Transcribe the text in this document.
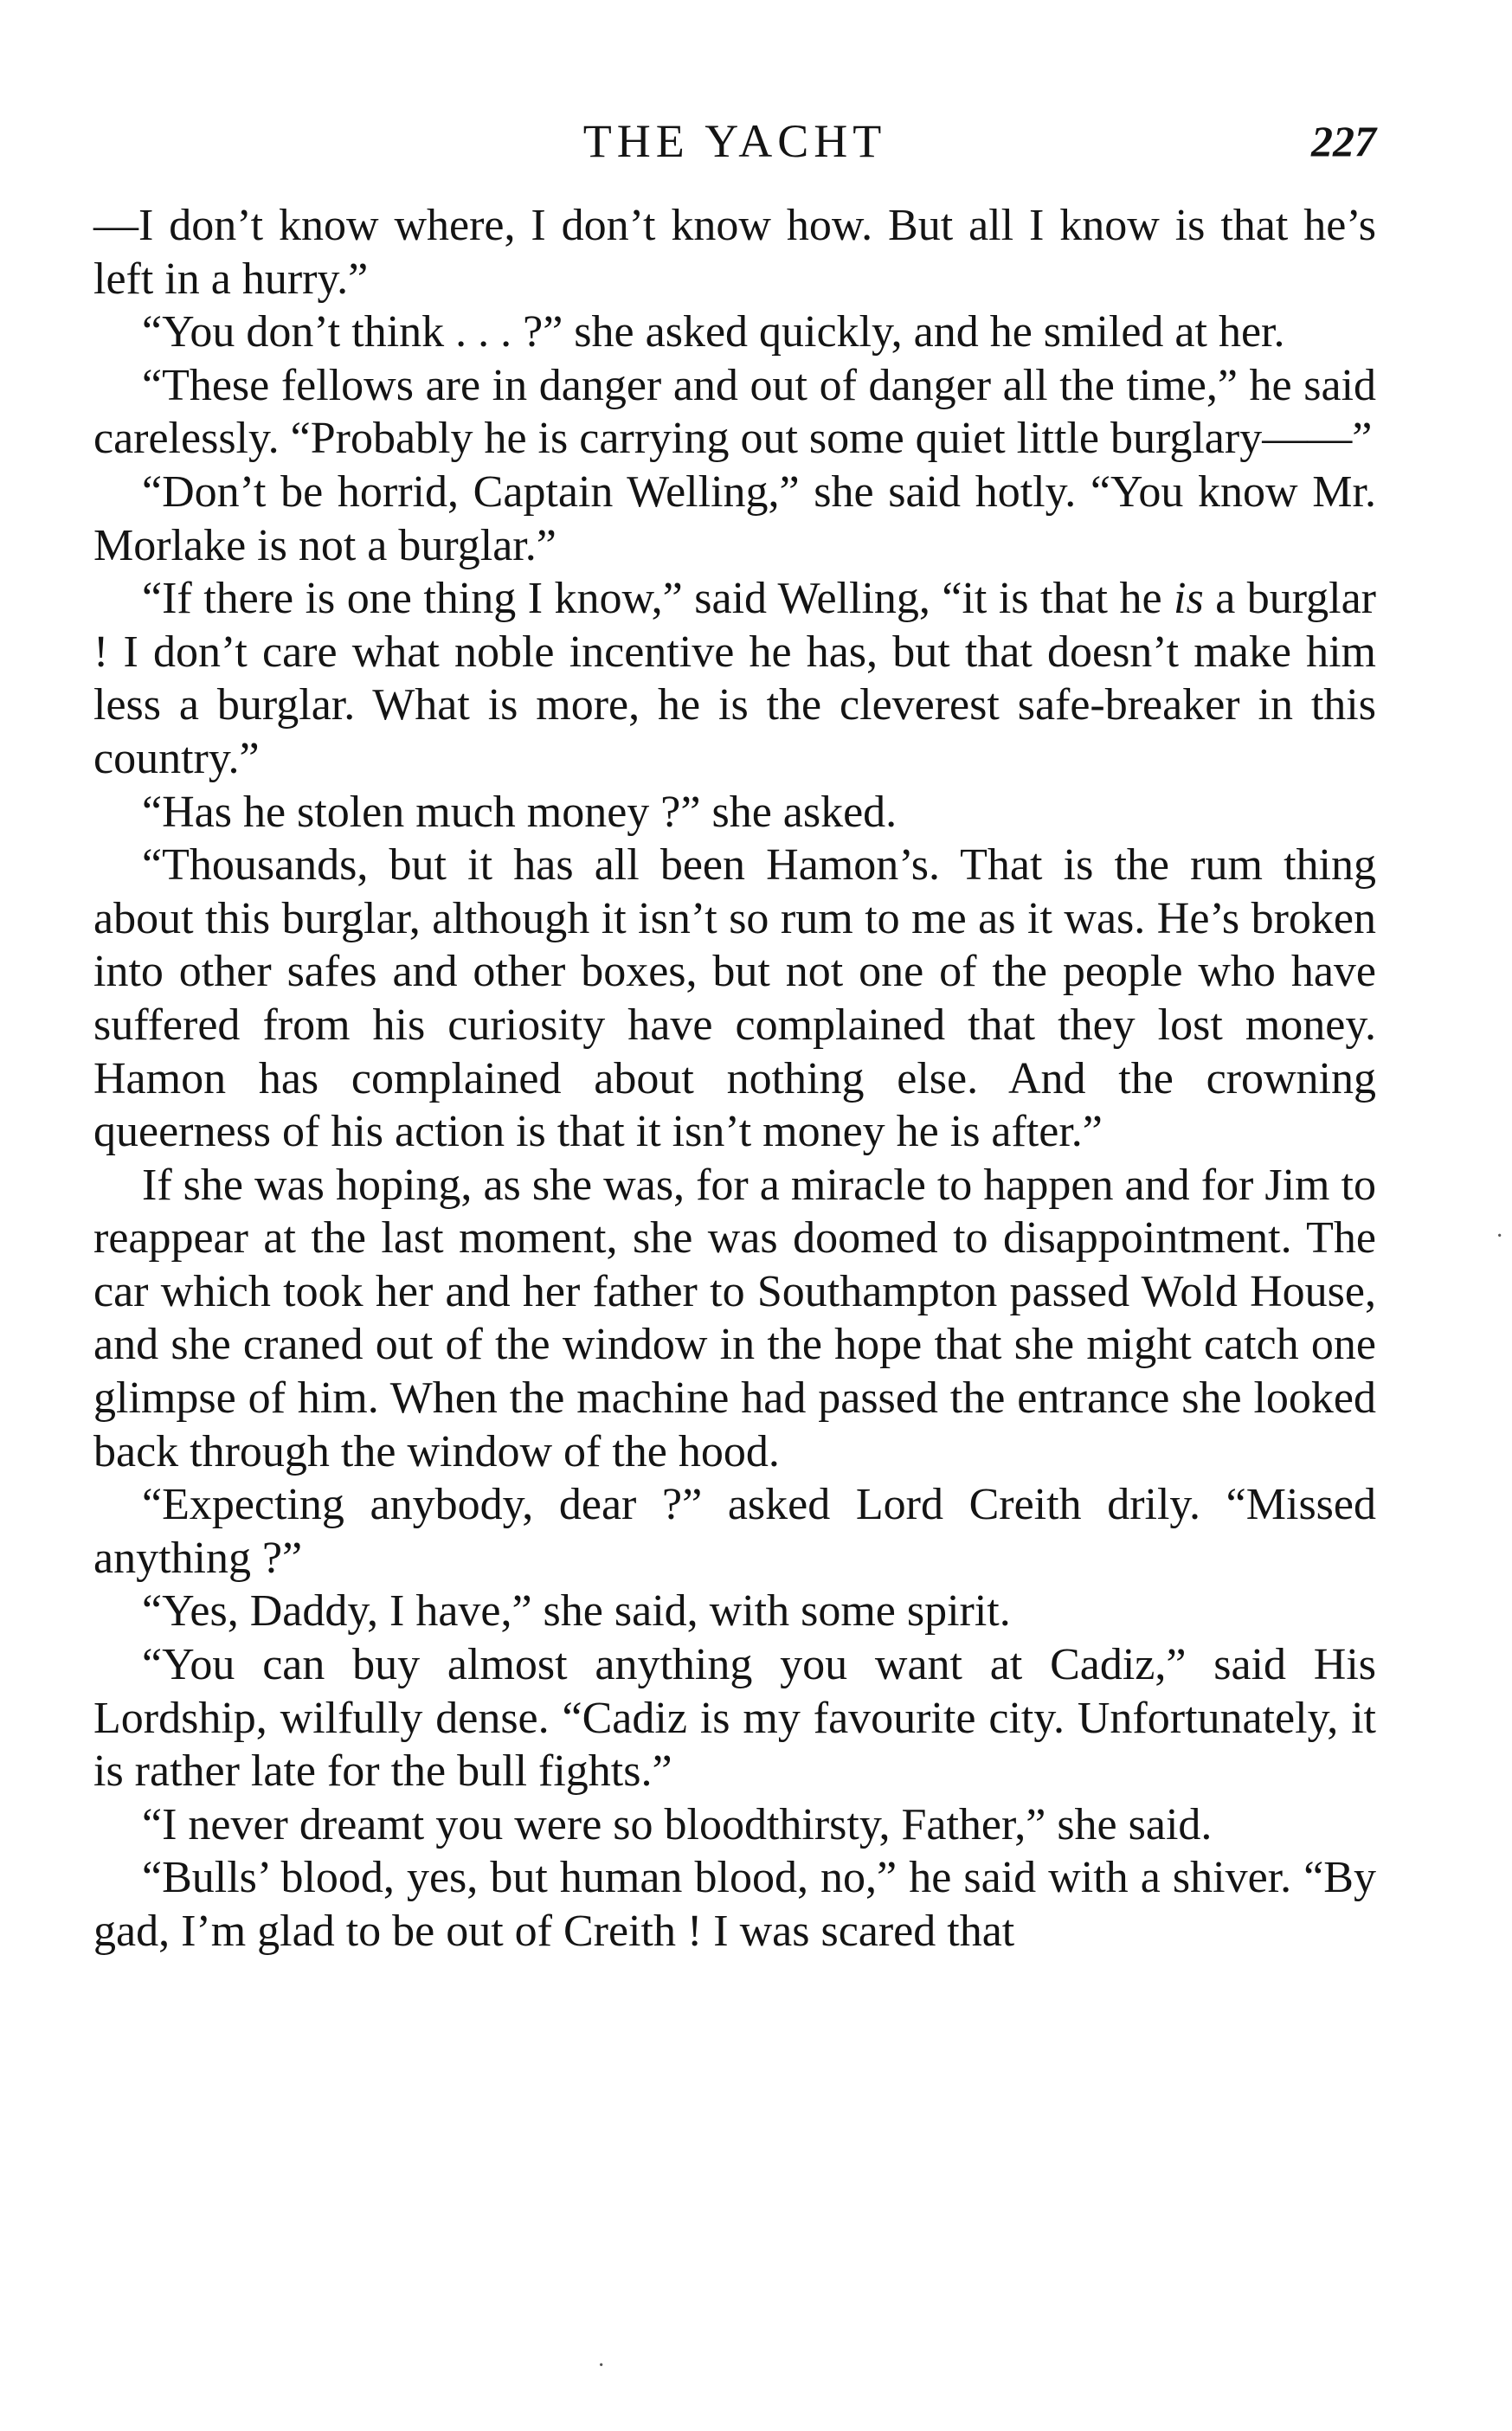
THE YACHT	227

—I don’t know where, I don’t know how. But all I know is that he’s left in a hurry.”

“You don’t think . . . ?” she asked quickly, and he smiled at her.

“These fellows are in danger and out of danger all the time,” he said carelessly. “Probably he is carrying out some quiet little burglary——”

“Don’t be horrid, Captain Welling,” she said hotly. “You know Mr. Morlake is not a burglar.”

“If there is one thing I know,” said Welling, “it is that he is a burglar ! I don’t care what noble incentive he has, but that doesn’t make him less a burglar. What is more, he is the cleverest safe-breaker in this country.”

“Has he stolen much money ?” she asked.

“Thousands, but it has all been Hamon’s. That is the rum thing about this burglar, although it isn’t so rum to me as it was. He’s broken into other safes and other boxes, but not one of the people who have suffered from his curiosity have complained that they lost money. Hamon has complained about nothing else. And the crowning queerness of his action is that it isn’t money he is after.”

If she was hoping, as she was, for a miracle to happen and for Jim to reappear at the last moment, she was doomed to disappointment. The car which took her and her father to Southampton passed Wold House, and she craned out of the window in the hope that she might catch one glimpse of him. When the machine had passed the entrance she looked back through the window of the hood.

“Expecting anybody, dear ?” asked Lord Creith drily. “Missed anything ?”

“Yes, Daddy, I have,” she said, with some spirit.

“You can buy almost anything you want at Cadiz,” said His Lordship, wilfully dense. “Cadiz is my favourite city. Unfortunately, it is rather late for the bull fights.”

“I never dreamt you were so bloodthirsty, Father,” she said.

“Bulls’ blood, yes, but human blood, no,” he said with a shiver. “By gad, I’m glad to be out of Creith ! I was scared that

·
·
